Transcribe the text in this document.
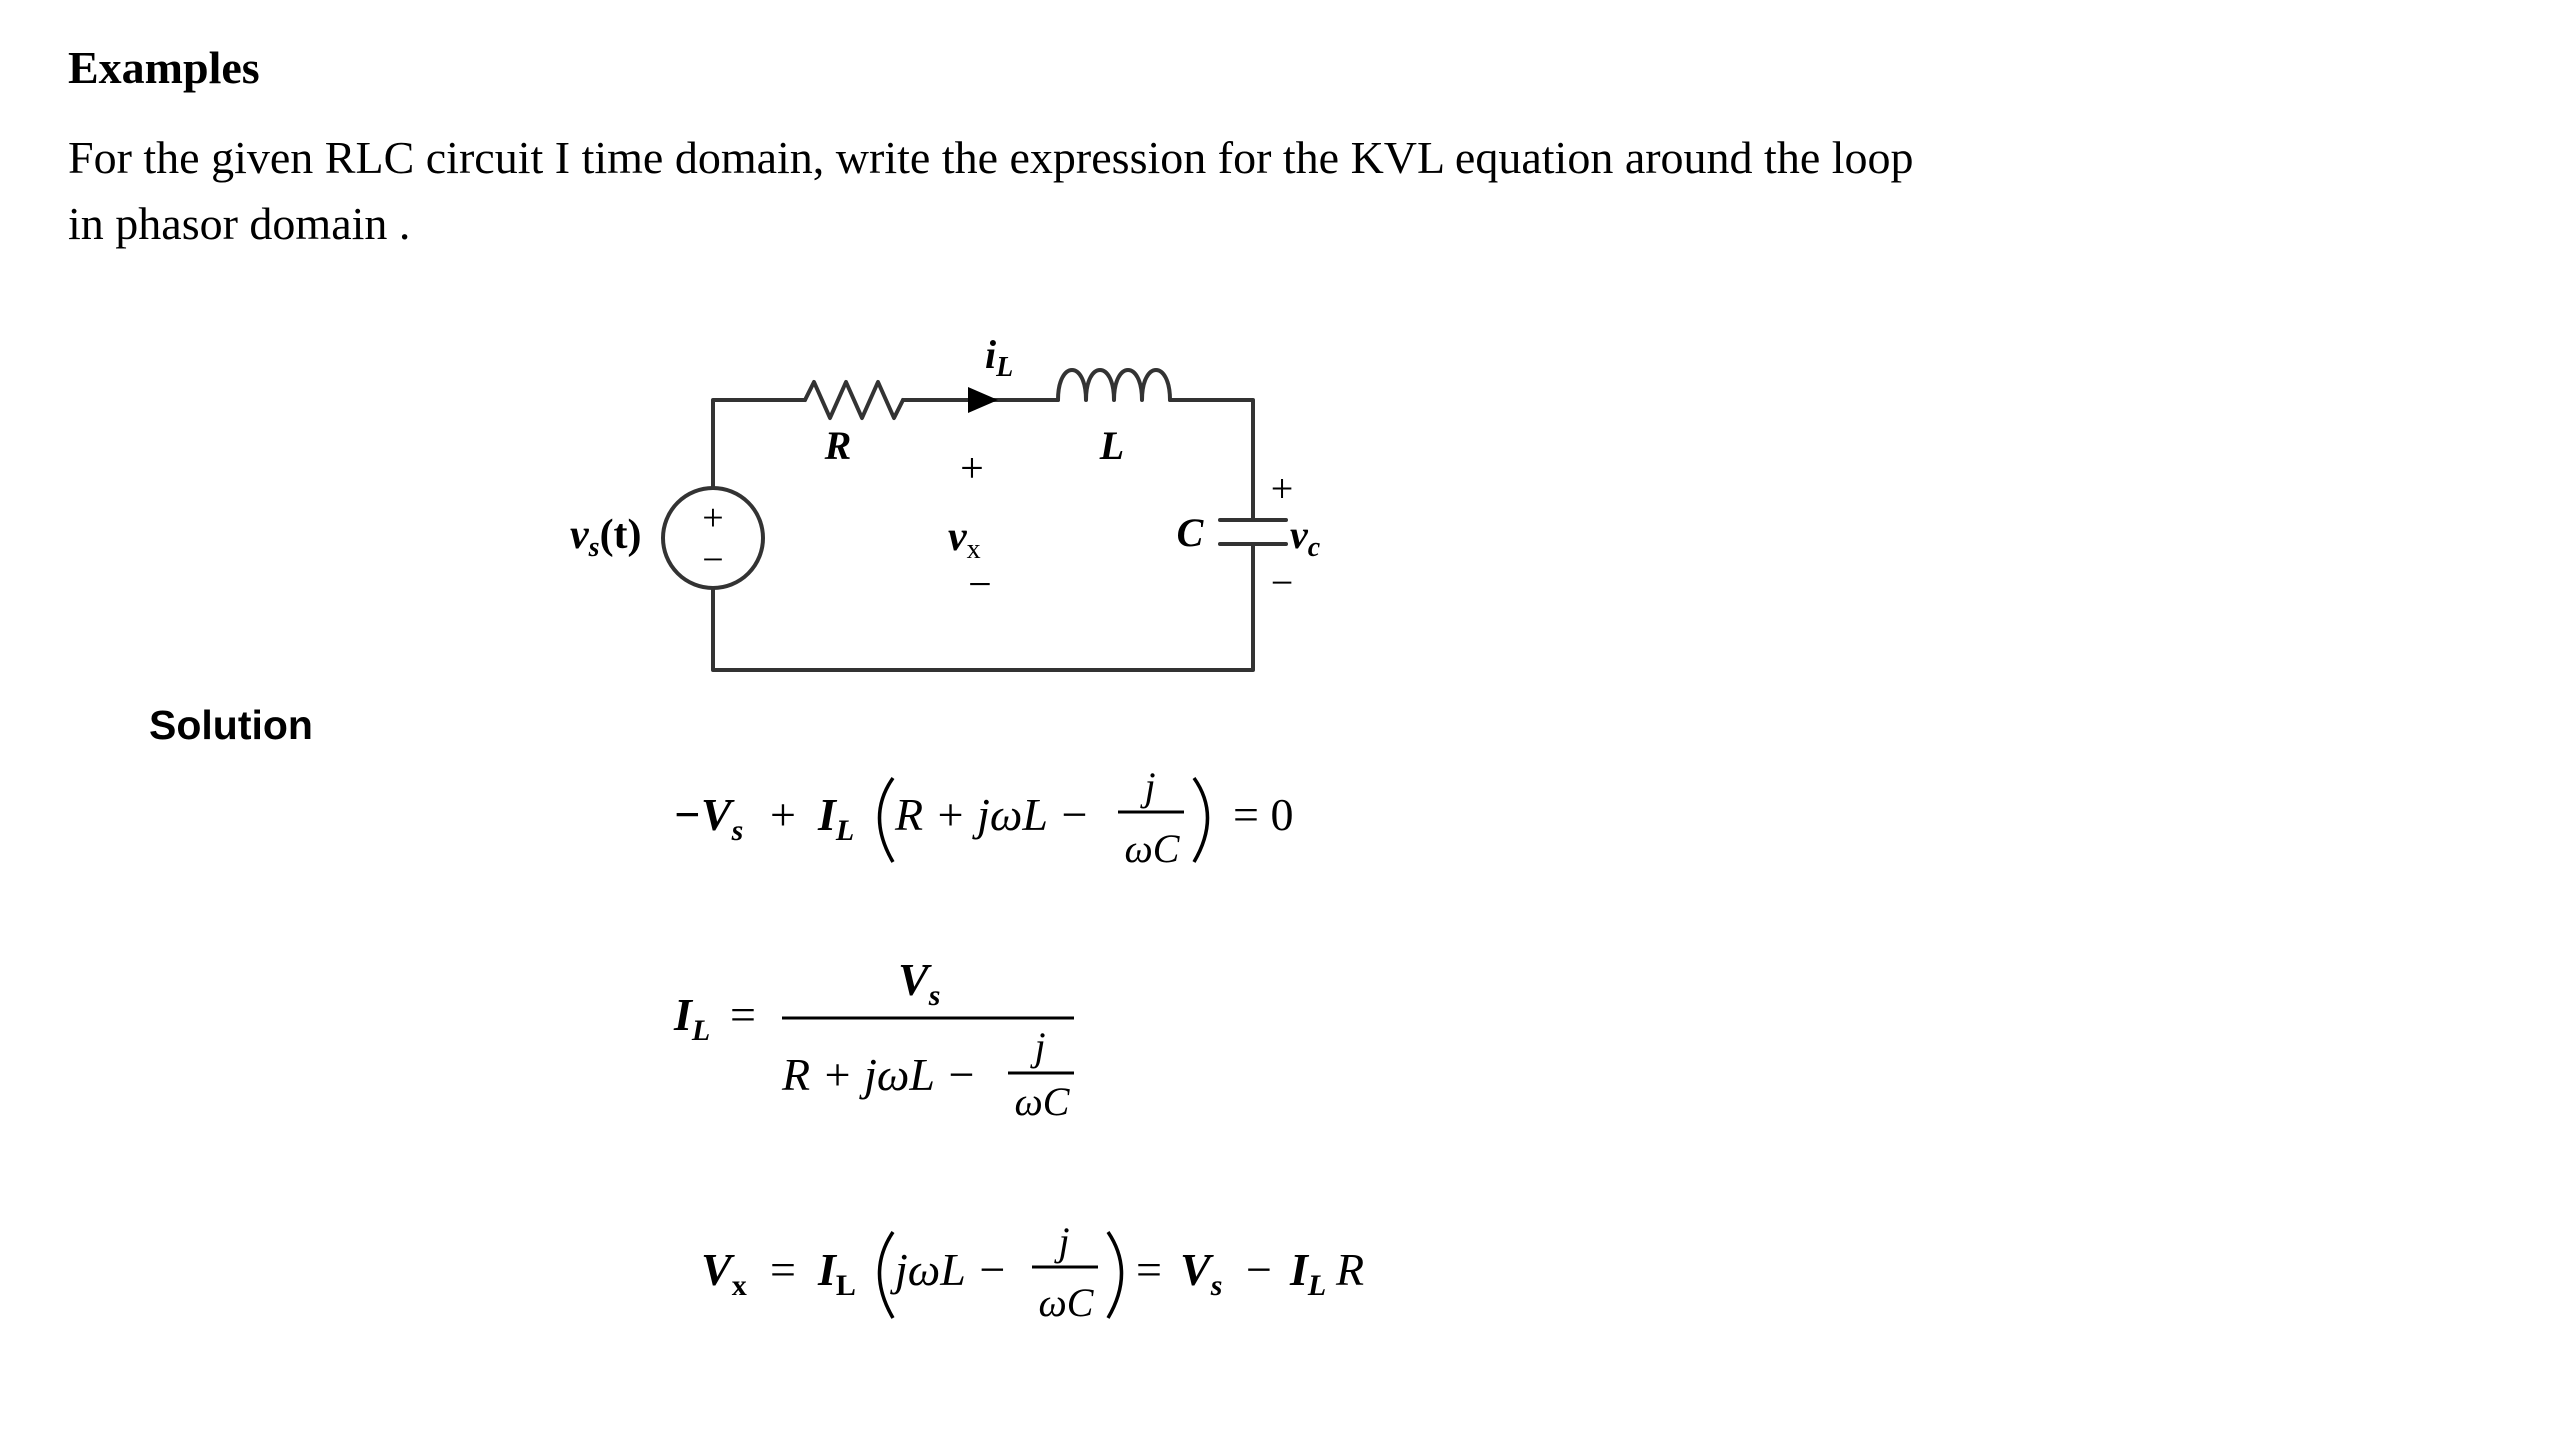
Examples

For the given RLC circuit I time domain, write the expression for the KVL equation around the loop
in phasor domain .

+
−
vs(t)
R	L
C
$i_L$
+
vx
−
+
$v_c$
−

Solution

$-V_s + I_L$ R + jωL −
j
ωC
= 0
$I_L$ =
$V_s$
R + jωL −
j
ωC
$V_x = I_L$ jωL −
j
ωC
= $V_s - I_L$ R
